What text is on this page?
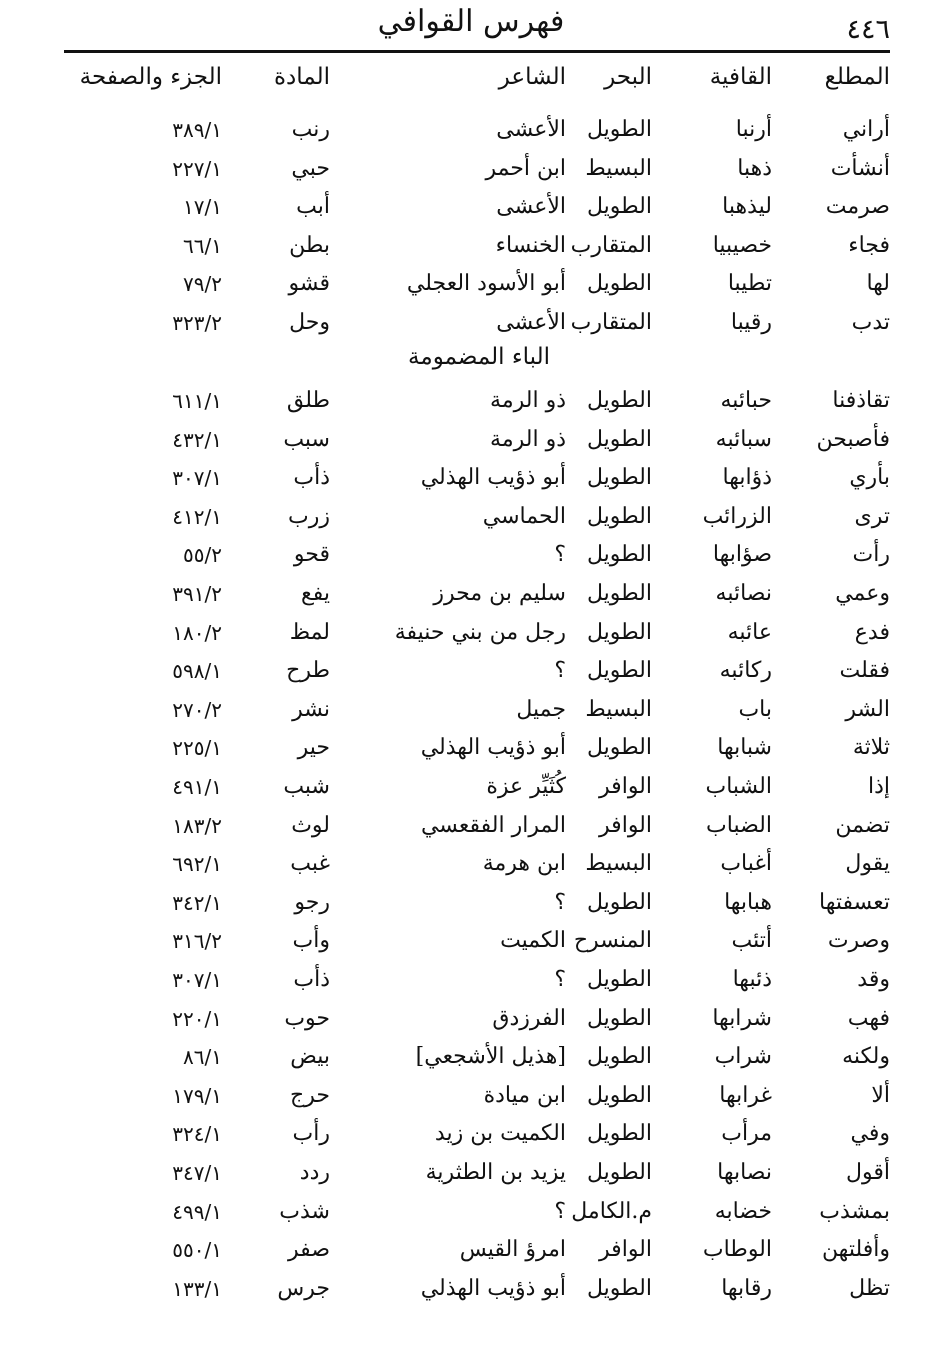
٤٤٦
فهرس القوافي
المطلع
القافية
البحر
الشاعر
المادة
الجزء والصفحة
الباء المضمومة
أراني
أرنبا
الطويل
الأعشى
رنب
٣٨٩/١
أنشأت
ذهبا
البسيط
ابن أحمر
حبي
٢٢٧/١
صرمت
ليذهبا
الطويل
الأعشى
أبب
١٧/١
فجاء
خصيبيا
المتقارب
الخنساء
بطن
٦٦/١
لها
تطيبا
الطويل
أبو الأسود العجلي
قشو
٧٩/٢
تدب
رقيبا
المتقارب
الأعشى
وحل
٣٢٣/٢
تقاذفنا
حبائبه
الطويل
ذو الرمة
طلق
٦١١/١
فأصبحن
سبائبه
الطويل
ذو الرمة
سبب
٤٣٢/١
بأري
ذؤابها
الطويل
أبو ذؤيب الهذلي
ذأب
٣٠٧/١
ترى
الزرائب
الطويل
الحماسي
زرب
٤١٢/١
رأت
صؤابها
الطويل
؟
قحو
٥٥/٢
وعمي
نصائبه
الطويل
سليم بن محرز
يفع
٣٩١/٢
فدع
عائبه
الطويل
رجل من بني حنيفة
لمظ
١٨٠/٢
فقلت
ركائبه
الطويل
؟
طرح
٥٩٨/١
الشر
باب
البسيط
جميل
نشر
٢٧٠/٢
ثلاثة
شبابها
الطويل
أبو ذؤيب الهذلي
حير
٢٢٥/١
إذا
الشباب
الوافر
كُثَيِّر عزة
شبب
٤٩١/١
تضمن
الضباب
الوافر
المرار الفقعسي
لوث
١٨٣/٢
يقول
أغباب
البسيط
ابن هرمة
غبب
٦٩٢/١
تعسفتها
هبابها
الطويل
؟
رجو
٣٤٢/١
وصرت
أتئب
المنسرح
الكميت
وأب
٣١٦/٢
وقد
ذئبها
الطويل
؟
ذأب
٣٠٧/١
فهب
شرابها
الطويل
الفرزدق
حوب
٢٢٠/١
ولكنه
شراب
الطويل
[هذيل الأشجعي]
بيض
٨٦/١
ألا
غرابها
الطويل
ابن ميادة
حرج
١٧٩/١
وفي
مرأب
الطويل
الكميت بن زيد
رأب
٣٢٤/١
أقول
نصابها
الطويل
يزيد بن الطثرية
ردد
٣٤٧/١
بمشذب
خضابه
م.الكامل
؟
شذب
٤٩٩/١
وأفلتهن
الوطاب
الوافر
امرؤ القيس
صفر
٥٥٠/١
تظل
رقابها
الطويل
أبو ذؤيب الهذلي
جرس
١٣٣/١
